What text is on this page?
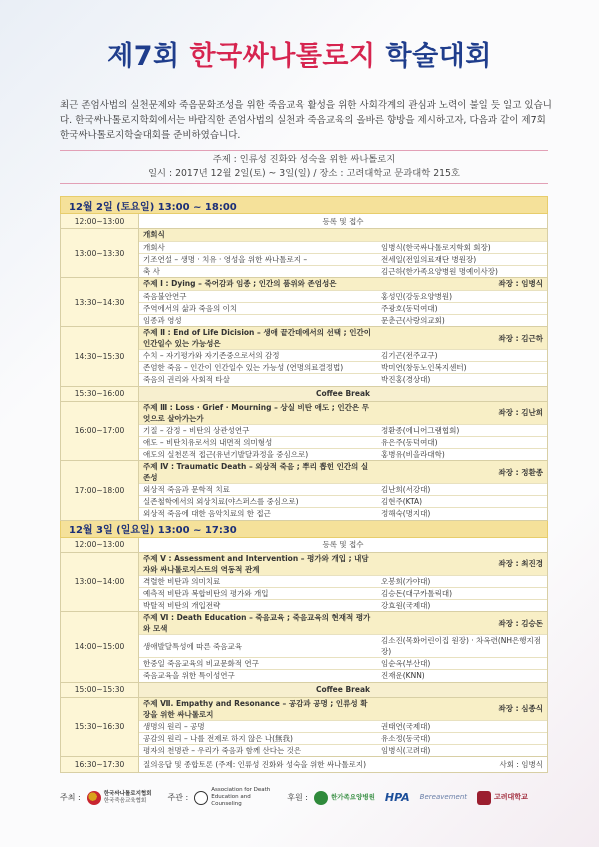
제7회 한국싸나톨로지 학술대회

최근 존엄사법의 실천문제와 죽음문화조성을 위한 죽음교육 활성을 위한 사회각계의 관심과 노력이 불일 듯 일고 있습니다. 한국싸나톨로지학회에서는 바람직한 존엄사법의 실천과 죽음교육의 올바른 향방을 제시하고자, 다음과 같이 제7회 한국싸나톨로지학술대회를 준비하였습니다.

주제 : 인류성 진화와 성숙을 위한 싸나톨로지
일시 : 2017년 12월 2일(토) ~ 3일(일) / 장소 : 고려대학교 문과대학 215호
12월 2일 (토요일) 13:00 ~ 18:00
12:00~13:00	등록 및 접수
13:00~13:30	
개회식
개회사	임병식(한국싸나톨로지학회 회장)
기조연설 – 생명 · 치유 · 영성을 위한 싸나톨로지 –	전세일(전일의료재단 병원장)
축 사	김근하(한가족요양병원 명예이사장)

13:30~14:30	
주제 Ⅰ : Dying – 죽어감과 임종 ; 인간의 품위와 존엄성은	좌장 : 임병식
죽음불안연구	홍성민(강동요양병원)
주역에서의 삶과 죽음의 이치	주광호(동덕여대)
임종과 영성	문춘근(사랑의교회)

14:30~15:30	
주제 Ⅱ : End of Life Dicision – 생애 끝간데에서의 선택 ; 인간이 인간일수 있는 가능성은	좌장 : 김근하
수치 – 자기평가와 자기존중으로서의 감정	김기곤(전주교구)
존엄한 죽음 – 인간이 인간일수 있는 가능성 (연명의료결정법)	박미연(창동노인복지센터)
죽음의 권리와 사회적 타살	박진홍(경상대)

15:30~16:00	Coffee Break
16:00~17:00	
주제 Ⅲ : Loss · Grief · Mourning – 상실 비탄 애도 ; 인간은 무엇으로 살아가는가	좌장 : 김난희
기질 – 감정 – 비탄의 상관성연구	정환종(에니어그램협회)
애도 – 비탄치유로서의 내면적 의미형성	유은주(동덕여대)
애도의 실천론적 접근(유년기발달과정을 중심으로)	홍병유(비을라대학)

17:00~18:00	
주제 Ⅳ : Traumatic Death – 외상적 죽음 ; 뿌리 뽑힌 인간의 실존성	좌장 : 정환종
외상적 죽음과 문학적 치료	김난희(서강대)
실존철학에서의 외상치료(야스퍼스를 중심으로)	김현주(KTA)
외상적 죽음에 대한 음악치료의 한 접근	정해숙(명지대)

12월 3일 (일요일) 13:00 ~ 17:30
12:00~13:00	등록 및 접수
13:00~14:00	
주제 Ⅴ : Assessment and Intervention – 평가와 개입 ; 내담자와 싸나톨로지스트의 역동적 관계	좌장 : 최진경
격렬한 비탄과 의미치료	오봉희(가야대)
예측적 비탄과 복합비탄의 평가와 개입	김승돈(대구카톨릭대)
박탈적 비탄의 개입전략	강효원(국제대)

14:00~15:00	
주제 Ⅵ : Death Education – 죽음교육 ; 죽음교육의 현재적 평가와 모색	좌장 : 김승돈
생애발달특성에 따른 죽음교육	김소진(목화어린이집 원장) · 차옥련(NH은행지점장)
한중일 죽음교육의 비교문화적 연구	임순옥(부산대)
죽음교육을 위한 특이성연구	진재운(KNN)

15:00~15:30	Coffee Break
15:30~16:30	
주제 Ⅶ. Empathy and Resonance – 공감과 공명 ; 인류성 확장을 위한 싸나톨로지	좌장 : 심종식
생명의 원리 – 공명	권태연(국제대)
공감의 원리 – 나를 전제로 하지 않은 나(無我)	유소정(동국대)
평자의 천명관 – 우리가 죽음과 함께 산다는 것은	임병식(고려대)

16:30~17:30		질의응답 및 종합토론 (주제: 인류성 진화와 성숙을 위한 싸나톨로지)	사회 : 임병식
주최 :	한국싸나톨로지협회
한국죽음교육협회	주관 :
Association for Death Education and Counseling
후원 :	한가족요양병원 HPA Bereavement	고려대학교
